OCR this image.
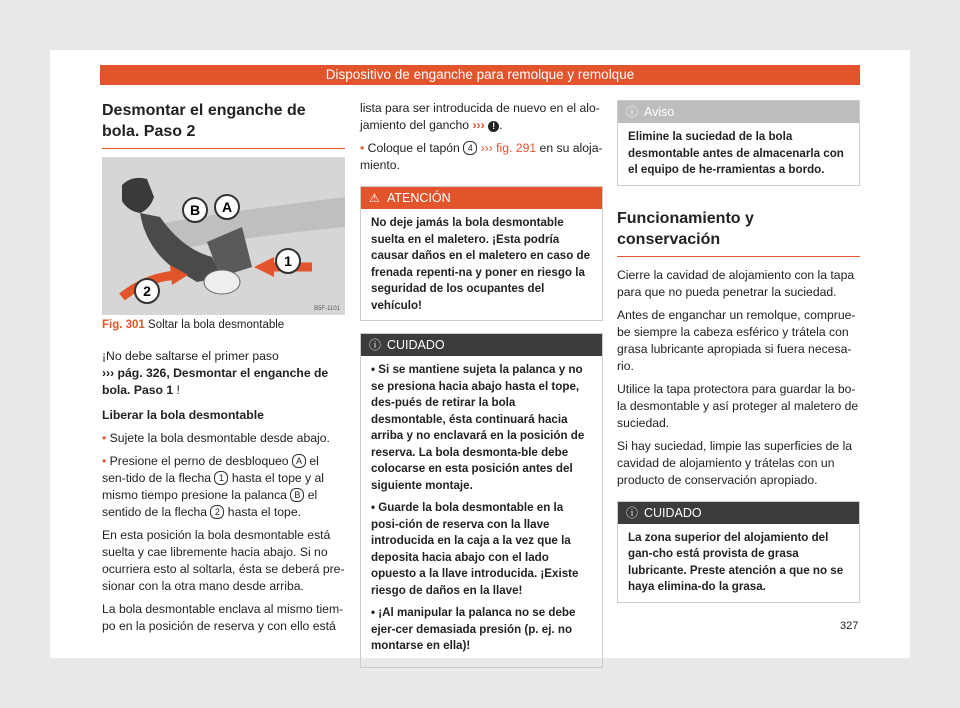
Dispositivo de enganche para remolque y remolque
Desmontar el enganche de bola. Paso 2
B A
1
2
B5F-1101
Fig. 301 Soltar la bola desmontable

¡No debe saltarse el primer paso
››› pág. 326, Desmontar el enganche de bola. Paso 1 !

Liberar la bola desmontable

• Sujete la bola desmontable desde abajo.

• Presione el perno de desbloqueo A el sen-tido de la flecha 1 hasta el tope y al mismo tiempo presione la palanca B el sentido de la flecha 2 hasta el tope.

En esta posición la bola desmontable está suelta y cae libremente hacia abajo. Si no ocurriera esto al soltarla, ésta se deberá pre-sionar con la otra mano desde arriba.

La bola desmontable enclava al mismo tiem-po en la posición de reserva y con ello está

lista para ser introducida de nuevo en el alo-jamiento del gancho ››› ! .

• Coloque el tapón 4 ››› fig. 291 en su aloja-miento.

⚠ ATENCIÓN
No deje jamás la bola desmontable suelta en el maletero. ¡Esta podría causar daños en el maletero en caso de frenada repenti-na y poner en riesgo la seguridad de los ocupantes del vehículo!
ⓘ CUIDADO

• Si se mantiene sujeta la palanca y no se presiona hacia abajo hasta el tope, des-pués de retirar la bola desmontable, ésta continuará hacia arriba y no enclavará en la posición de reserva. La bola desmonta-ble debe colocarse en esta posición antes del siguiente montaje.

• Guarde la bola desmontable en la posi-ción de reserva con la llave introducida en la caja a la vez que la deposita hacia abajo con el lado opuesto a la llave introducida. ¡Existe riesgo de daños en la llave!

• ¡Al manipular la palanca no se debe ejer-cer demasiada presión (p. ej. no montarse en ella)!

ⓘ Aviso
Elimine la suciedad de la bola desmontable antes de almacenarla con el equipo de he-rramientas a bordo.
Funcionamiento y conservación

Cierre la cavidad de alojamiento con la tapa para que no pueda penetrar la suciedad.

Antes de enganchar un remolque, comprue-be siempre la cabeza esférico y trátela con grasa lubricante apropiada si fuera necesa-rio.

Utilice la tapa protectora para guardar la bo-la desmontable y así proteger al maletero de suciedad.

Si hay suciedad, limpie las superficies de la cavidad de alojamiento y trátelas con un producto de conservación apropiado.

ⓘ CUIDADO
La zona superior del alojamiento del gan-cho está provista de grasa lubricante. Preste atención a que no se haya elimina-do la grasa.
327
